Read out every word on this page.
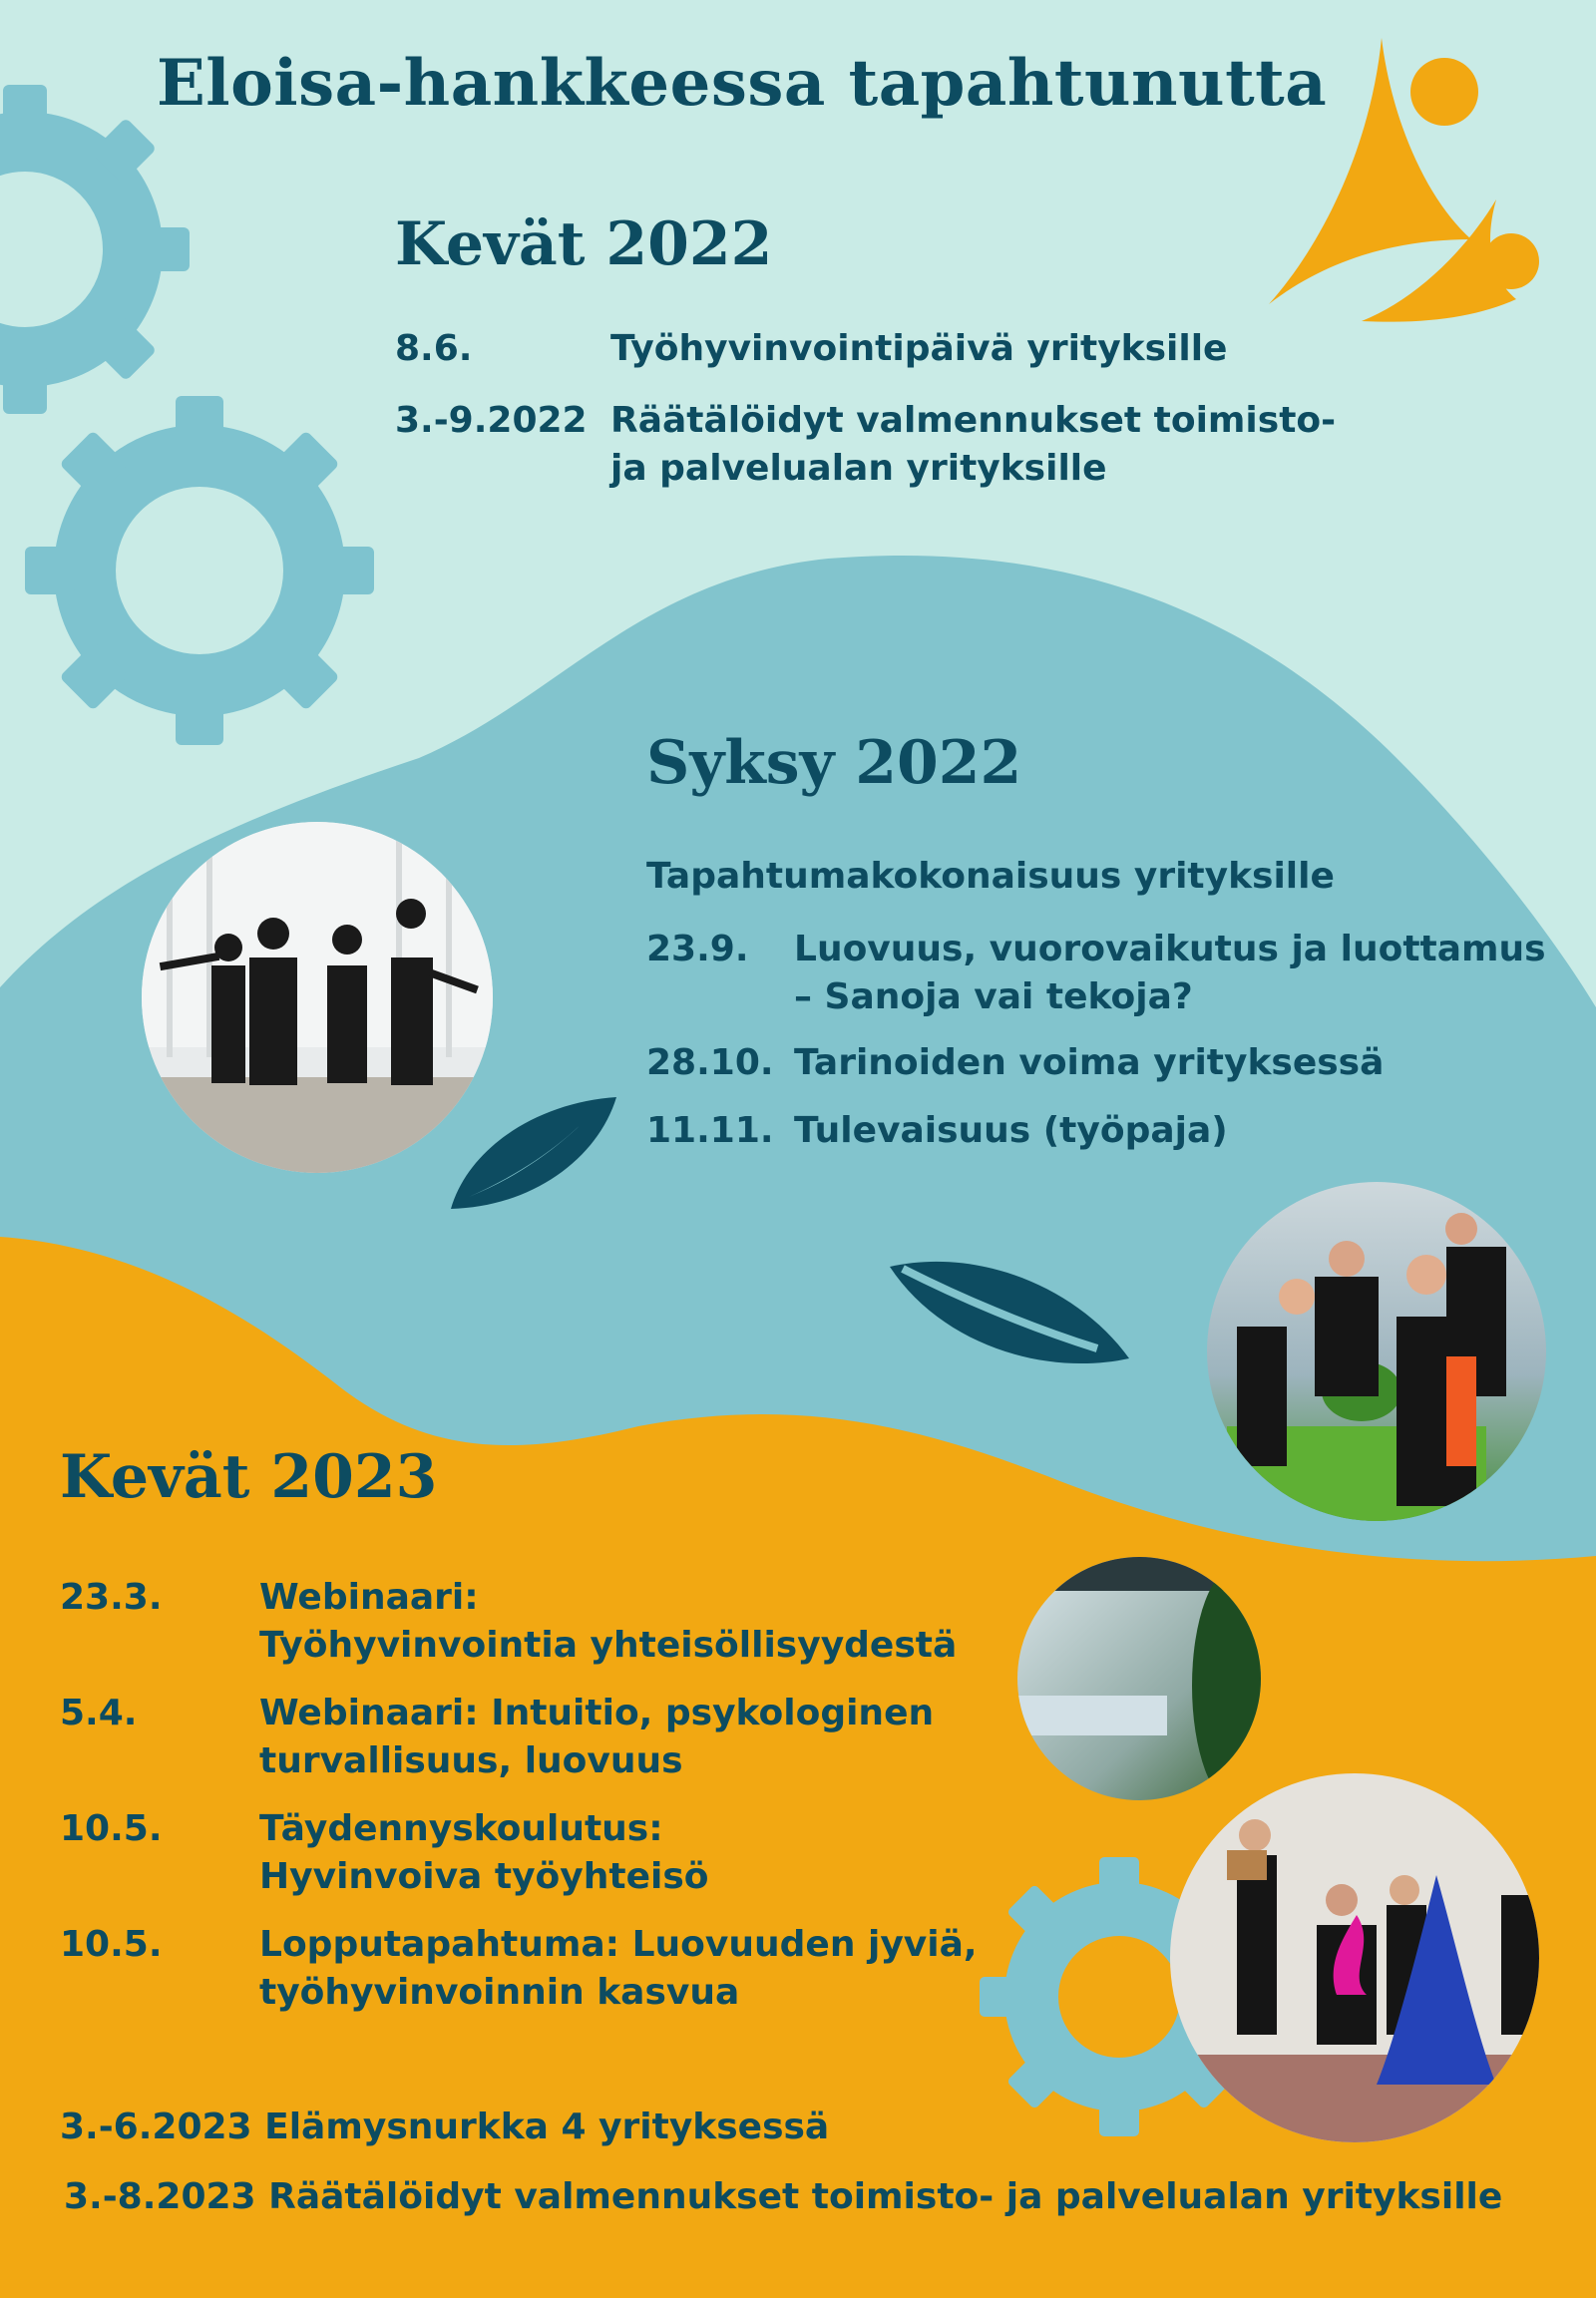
Eloisa-hankkeessa tapahtunutta
Kevät 2022
8.6.	Työhyvinvointipäivä yrityksille
3.-9.2022 Räätälöidyt valmennukset toimisto-
ja palvelualan yrityksille
Syksy 2022
Tapahtumakokonaisuus yrityksille
23.9. Luovuus, vuorovaikutus ja luottamus
– Sanoja vai tekoja?
28.10. Tarinoiden voima yrityksessä
11.11. Tulevaisuus (työpaja)
Kevät 2023
23.3.	Webinaari:
Työhyvinvointia yhteisöllisyydestä
5.4.	Webinaari: Intuitio, psykologinen
turvallisuus, luovuus
10.5.	Täydennyskoulutus:
Hyvinvoiva työyhteisö
10.5.	Lopputapahtuma: Luovuuden jyviä,
työhyvinvoinnin kasvua
3.-6.2023 Elämysnurkka 4 yrityksessä
3.-8.2023 Räätälöidyt valmennukset toimisto- ja palvelualan yrityksille
